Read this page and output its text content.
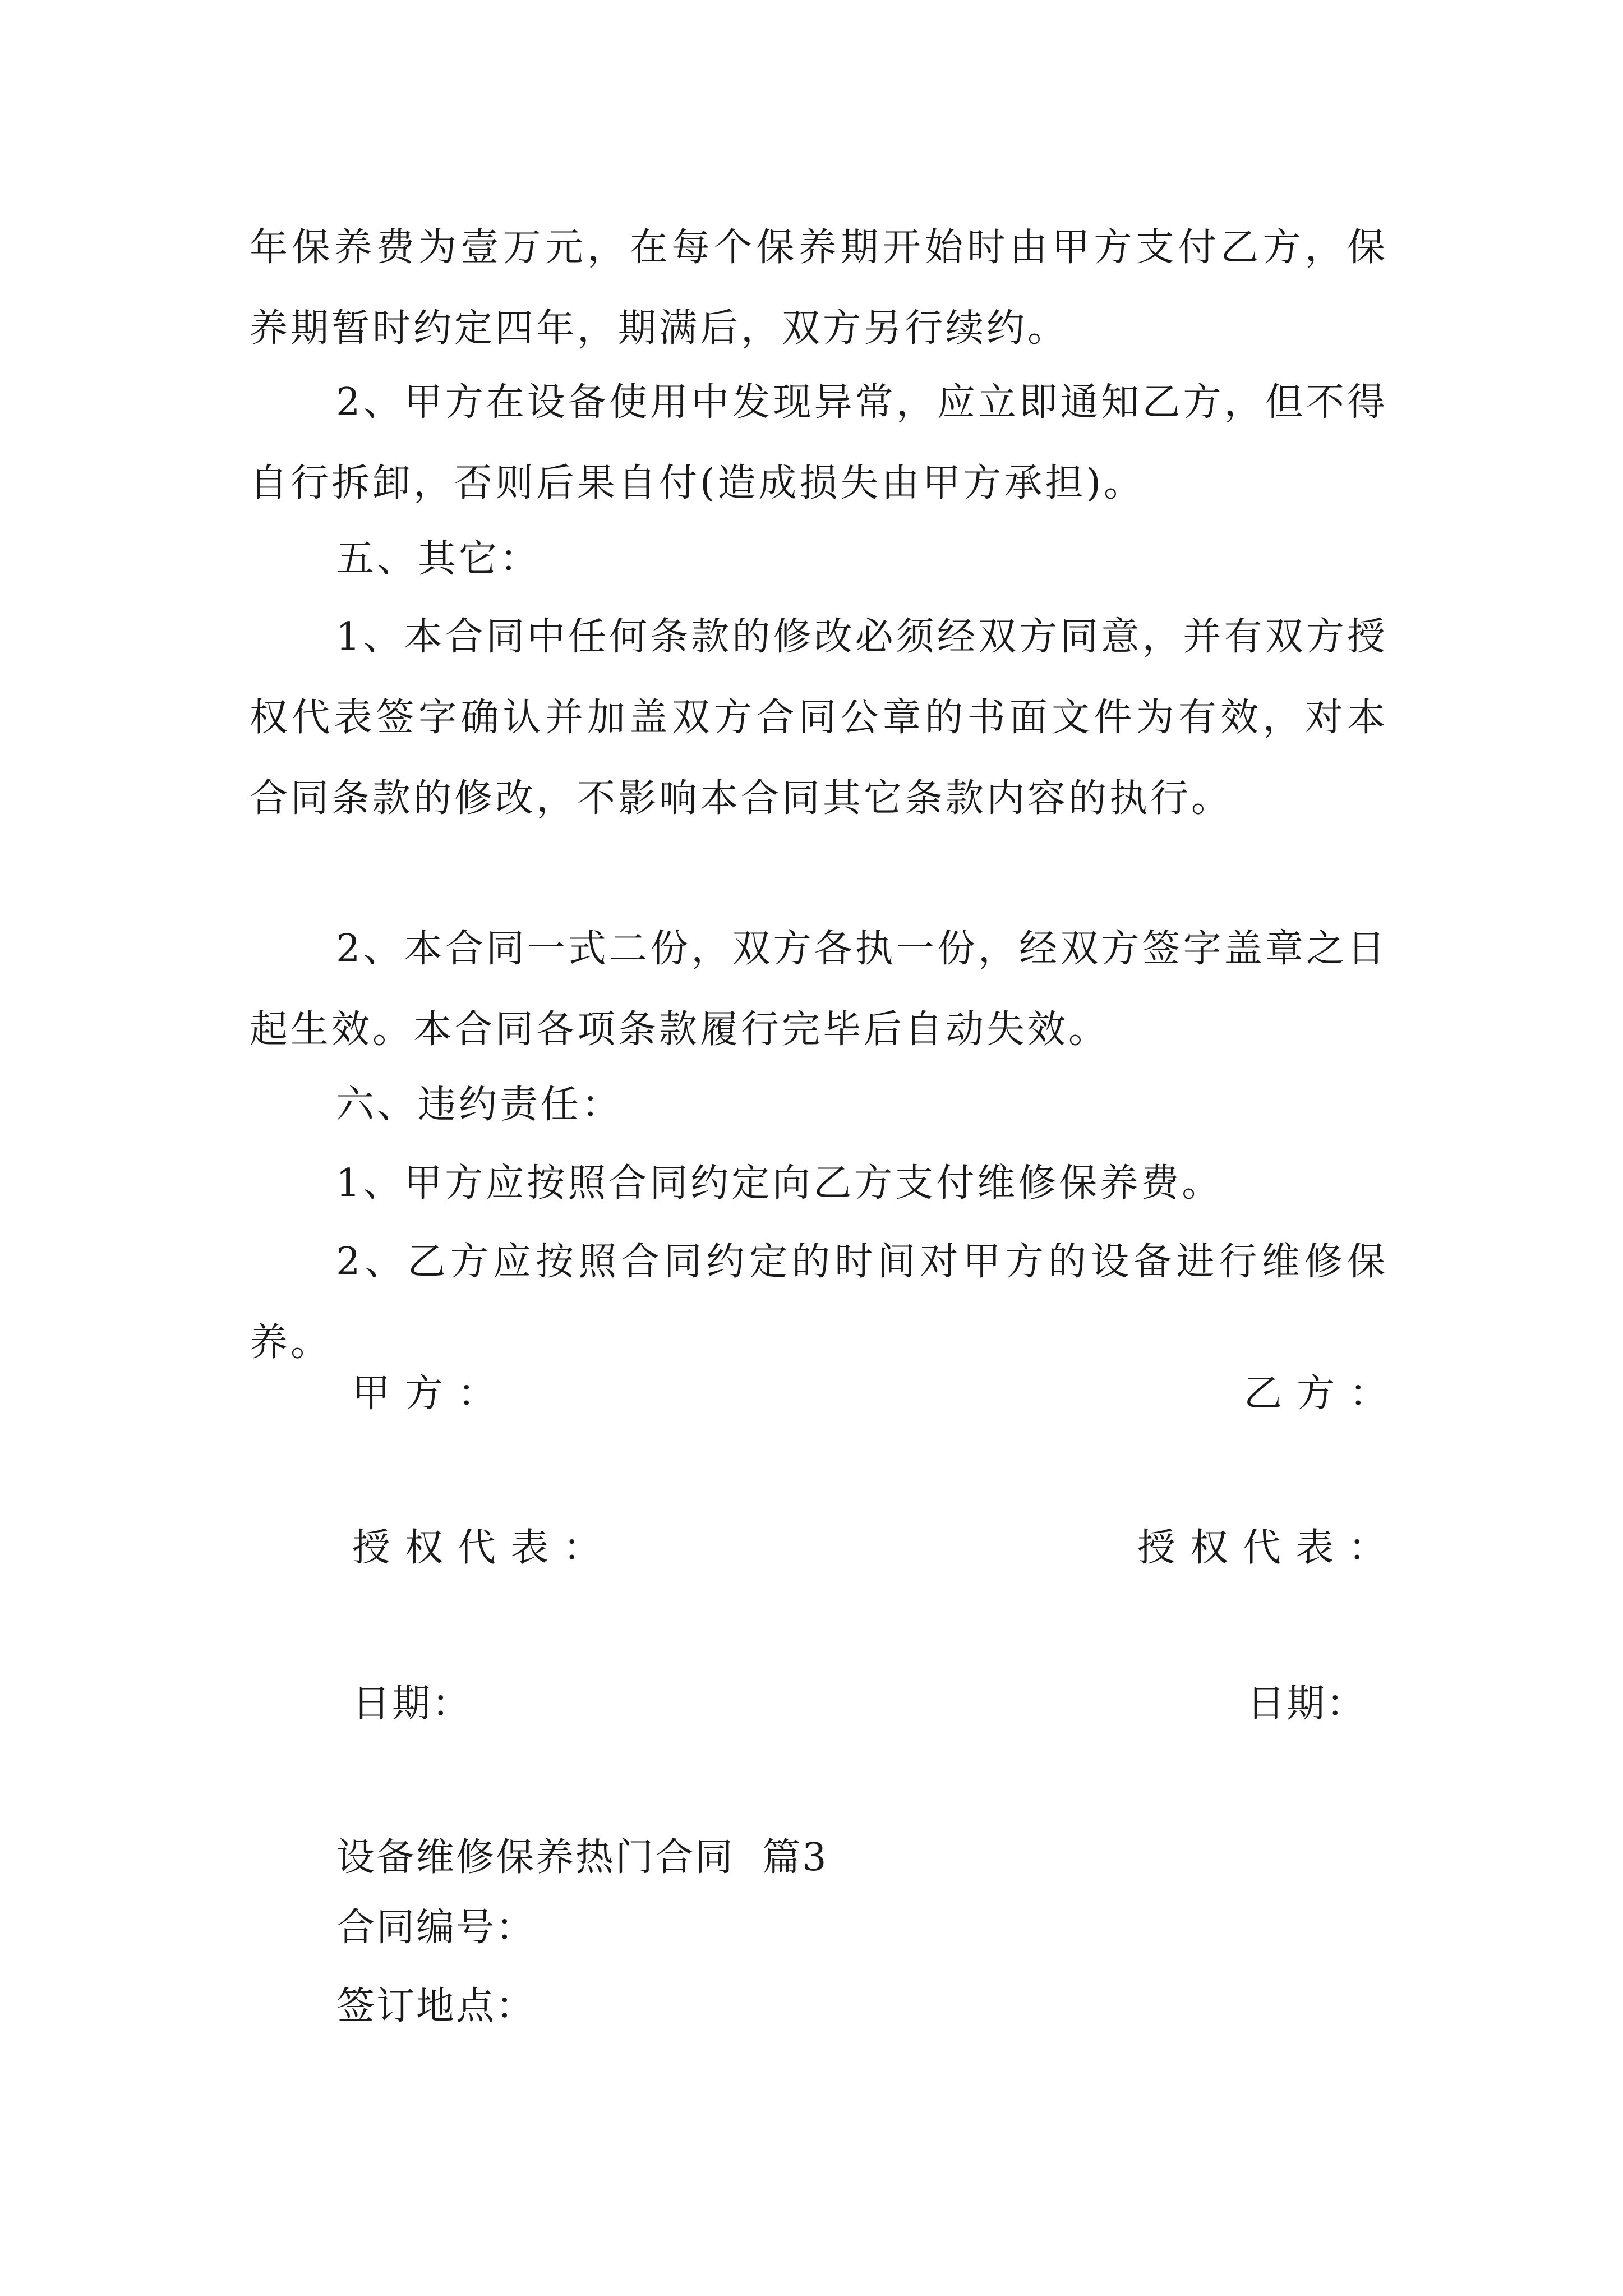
年保养费为壹万元，在每个保养期开始时由甲方支付乙方，保养期暂时约定四年，期满后，双方另行续约。

2、甲方在设备使用中发现异常，应立即通知乙方，但不得自行拆卸，否则后果自付(造成损失由甲方承担)。

五、其它：

1、本合同中任何条款的修改必须经双方同意，并有双方授权代表签字确认并加盖双方合同公章的书面文件为有效，对本合同条款的修改，不影响本合同其它条款内容的执行。

2、本合同一式二份，双方各执一份，经双方签字盖章之日起生效。本合同各项条款履行完毕后自动失效。

六、违约责任：

1、甲方应按照合同约定向乙方支付维修保养费。

2、乙方应按照合同约定的时间对甲方的设备进行维修保养。

甲方：	乙方：

授权代表：	授权代表：

日期：	日期：

设备维修保养热门合同  篇3

合同编号：

签订地点：
